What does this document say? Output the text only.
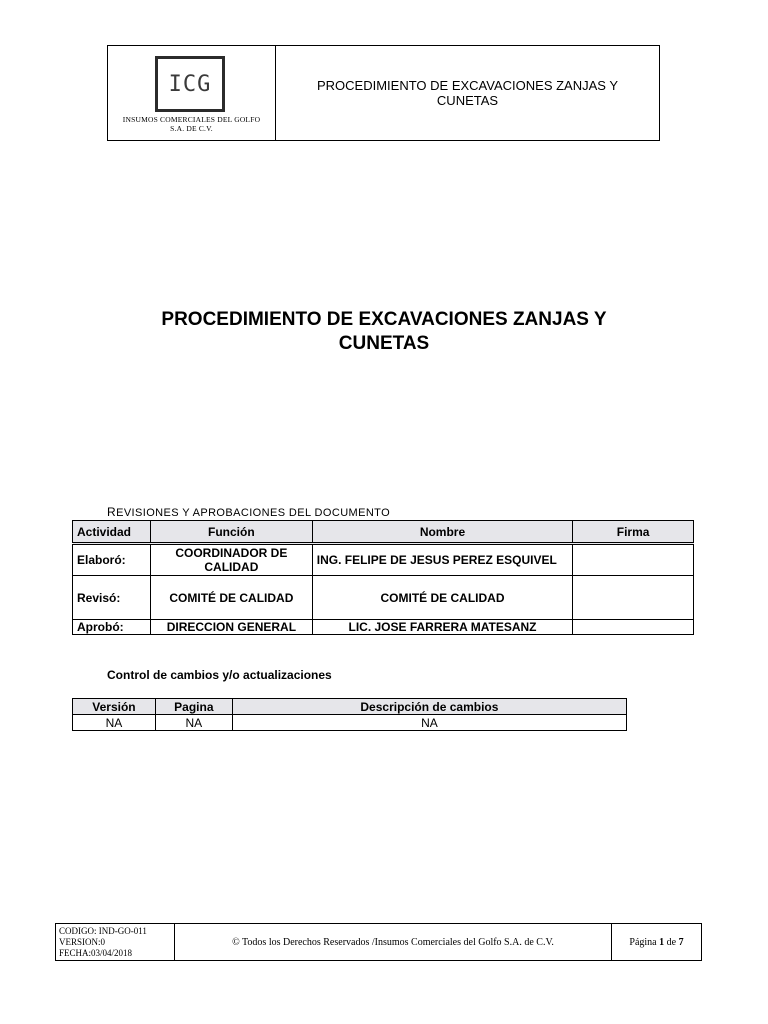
ICG
INSUMOS COMERCIALES DEL GOLFO
S.A. DE C.V.
PROCEDIMIENTO DE EXCAVACIONES ZANJAS Y
CUNETAS
PROCEDIMIENTO DE EXCAVACIONES ZANJAS Y
CUNETAS
REVISIONES Y APROBACIONES DEL DOCUMENTO
Actividad	Función	Nombre	Firma
Elaboró:	COORDINADOR DE CALIDAD	ING. FELIPE DE JESUS PEREZ ESQUIVEL	
Revisó:	COMITÉ DE CALIDAD	COMITÉ DE CALIDAD	
Aprobó:	DIRECCION GENERAL	LIC. JOSE FARRERA MATESANZ	
Control de cambios y/o actualizaciones
Versión	Pagina	Descripción de cambios
NA	NA	NA
CODIGO: IND-GO-011
VERSION:0
FECHA:03/04/2018
© Todos los Derechos Reservados /Insumos Comerciales del Golfo S.A. de C.V.	Página
1
de
7
